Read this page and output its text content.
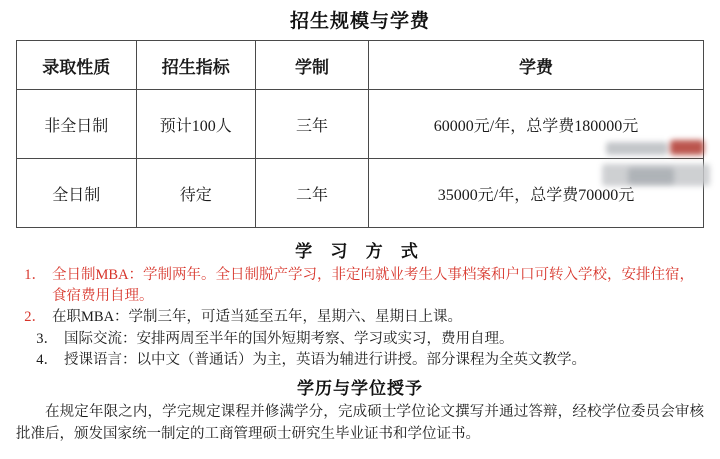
招生规模与学费
录取性质	招生指标	学制	学费
非全日制	预计100人	三年	60000元/年，总学费180000元
全日制	待定	二年	35000元/年，总学费70000元
学 习 方 式
1． 全日制MBA：学制两年。全日制脱产学习，非定向就业考生人事档案和户口可转入学校，安排住宿，食宿费用自理。
2． 在职MBA：学制三年，可适当延至五年，星期六、星期日上课。
3． 国际交流：安排两周至半年的国外短期考察、学习或实习，费用自理。
4． 授课语言：以中文（普通话）为主，英语为辅进行讲授。部分课程为全英文教学。
学历与学位授予
在规定年限之内，学完规定课程并修满学分，完成硕士学位论文撰写并通过答辩，经校学位委员会审核批准后，颁发国家统一制定的工商管理硕士研究生毕业证书和学位证书。
